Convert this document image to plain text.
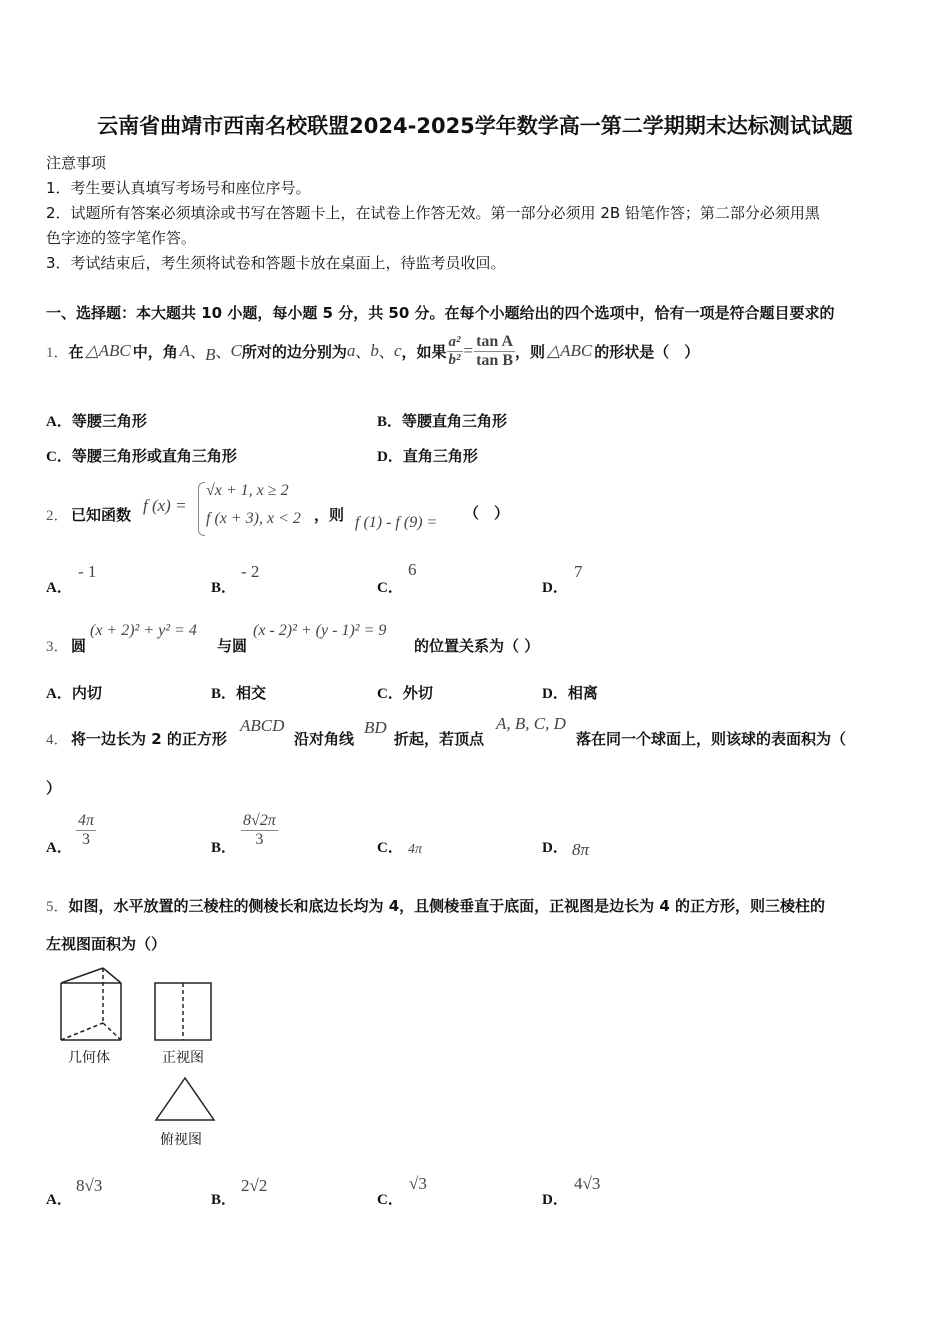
云南省曲靖市西南名校联盟2024-2025学年数学高一第二学期期末达标测试试题
注意事项
1．考生要认真填写考场号和座位序号。
2．试题所有答案必须填涂或书写在答题卡上，在试卷上作答无效。第一部分必须用 2B 铅笔作答；第二部分必须用黑
色字迹的签字笔作答。
3．考试结束后，考生须将试卷和答题卡放在桌面上，待监考员收回。
一、选择题：本大题共 10 小题，每小题 5 分，共 50 分。在每个小题给出的四个选项中，恰有一项是符合题目要求的
1． 在 △ABC 中，角 A 、 B 、 C 所对的边分别为 a 、 b 、 c ，如果 $\frac{\text{a²}}{\text{b²}} = \frac{\text{tan A}}{\text{tan B}}$ ，则 △ABC 的形状是（　）
A．等腰三角形	B．等腰直角三角形
C．等腰三角形或直角三角形	D．直角三角形
2． 已知函数 f (x) =
√x + 1, x ≥ 2
f (x + 3), x < 2 ，则 f (1) - f (9) =
（　）
A．
- 1
B．
- 2
C．
6
D．
7
3． 圆
(x + 2)² + y² = 4
与圆
(x - 2)² + (y - 1)² = 9
的位置关系为（ ）
A．内切	B．相交	C．外切	D．相离
4． 将一边长为 2 的正方形
ABCD
沿对角线
BD
折起，若顶点
A, B, C, D
落在同一个球面上，则该球的表面积为（
）
A． $\frac{4\pi}{3}$	B． $\frac{8√2\pi}{3}$	C． 4π	D． 8π
5．如图，水平放置的三棱柱的侧棱长和底边长均为 4，且侧棱垂直于底面，正视图是边长为 4 的正方形，则三棱柱的
左视图面积为（）
几何体	正视图
俯视图
A．
8√3
B．
2√2
C．
√3
D．
4√3
